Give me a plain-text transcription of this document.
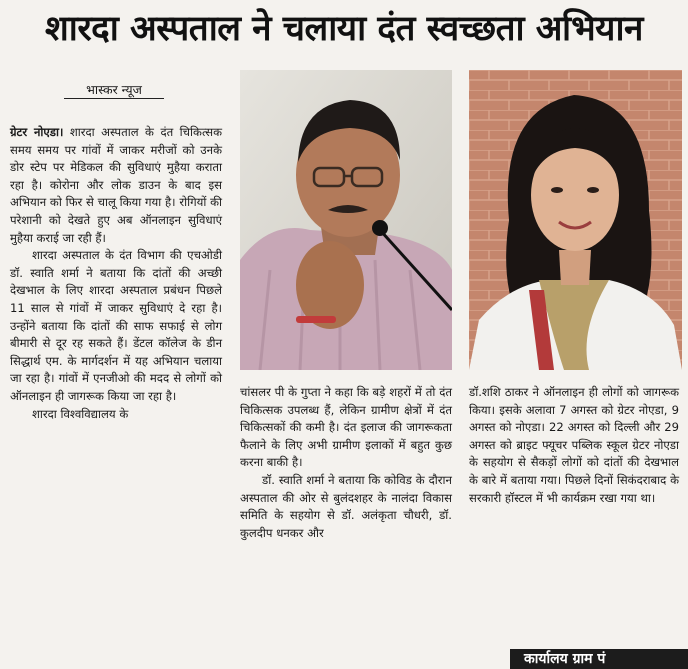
शारदा अस्पताल ने चलाया दंत स्वच्छता अभियान
भास्कर न्यूज

ग्रेटर नोएडा। शारदा अस्पताल के दंत चिकित्सक समय समय पर गांवों में जाकर मरीजों को उनके डोर स्टेप पर मेडिकल की सुविधाएं मुहैया कराता रहा है। कोरोना और लोक डाउन के बाद इस अभियान को फिर से चालू किया गया है। रोगियों की परेशानी को देखते हुए अब ऑनलाइन सुविधाएं मुहैया कराई जा रही हैं।

शारदा अस्पताल के दंत विभाग की एचओडी डॉ. स्वाति शर्मा ने बताया कि दांतों की अच्छी देखभाल के लिए शारदा अस्पताल प्रबंधन पिछले 11 साल से गांवों में जाकर सुविधाएं दे रहा है। उन्होंने बताया कि दांतों की साफ सफाई से लोग बीमारी से दूर रह सकते हैं। डेंटल कॉलेज के डीन सिद्धार्थ एम. के मार्गदर्शन में यह अभियान चलाया जा रहा है। गांवों में एनजीओ की मदद से लोगों को ऑनलाइन ही जागरूक किया जा रहा है।

शारदा विश्वविद्यालय के

चांसलर पी के गुप्ता ने कहा कि बड़े शहरों में तो दंत चिकित्सक उपलब्ध हैं, लेकिन ग्रामीण क्षेत्रों में दंत चिकित्सकों की कमी है। दंत इलाज की जागरूकता फैलाने के लिए अभी ग्रामीण इलाकों में बहुत कुछ करना बाकी है।

डॉ. स्वाति शर्मा ने बताया कि कोविड के दौरान अस्पताल की ओर से बुलंदशहर के नालंदा विकास समिति के सहयोग से डॉ. अलंकृता चौधरी, डॉ. कुलदीप धनकर और

डॉ.शशि ठाकर ने ऑनलाइन ही लोगों को जागरूक किया। इसके अलावा 7 अगस्त को ग्रेटर नोएडा, 9 अगस्त को नोएडा। 22 अगस्त को दिल्ली और 29 अगस्त को ब्राइट फ्यूचर पब्लिक स्कूल ग्रेटर नोएडा के सहयोग से सैकड़ों लोगों को दांतों की देखभाल के बारे में बताया गया। पिछले दिनों सिकंदराबाद के सरकारी हॉस्टल में भी कार्यक्रम रखा गया था।

कार्यालय ग्राम पं
